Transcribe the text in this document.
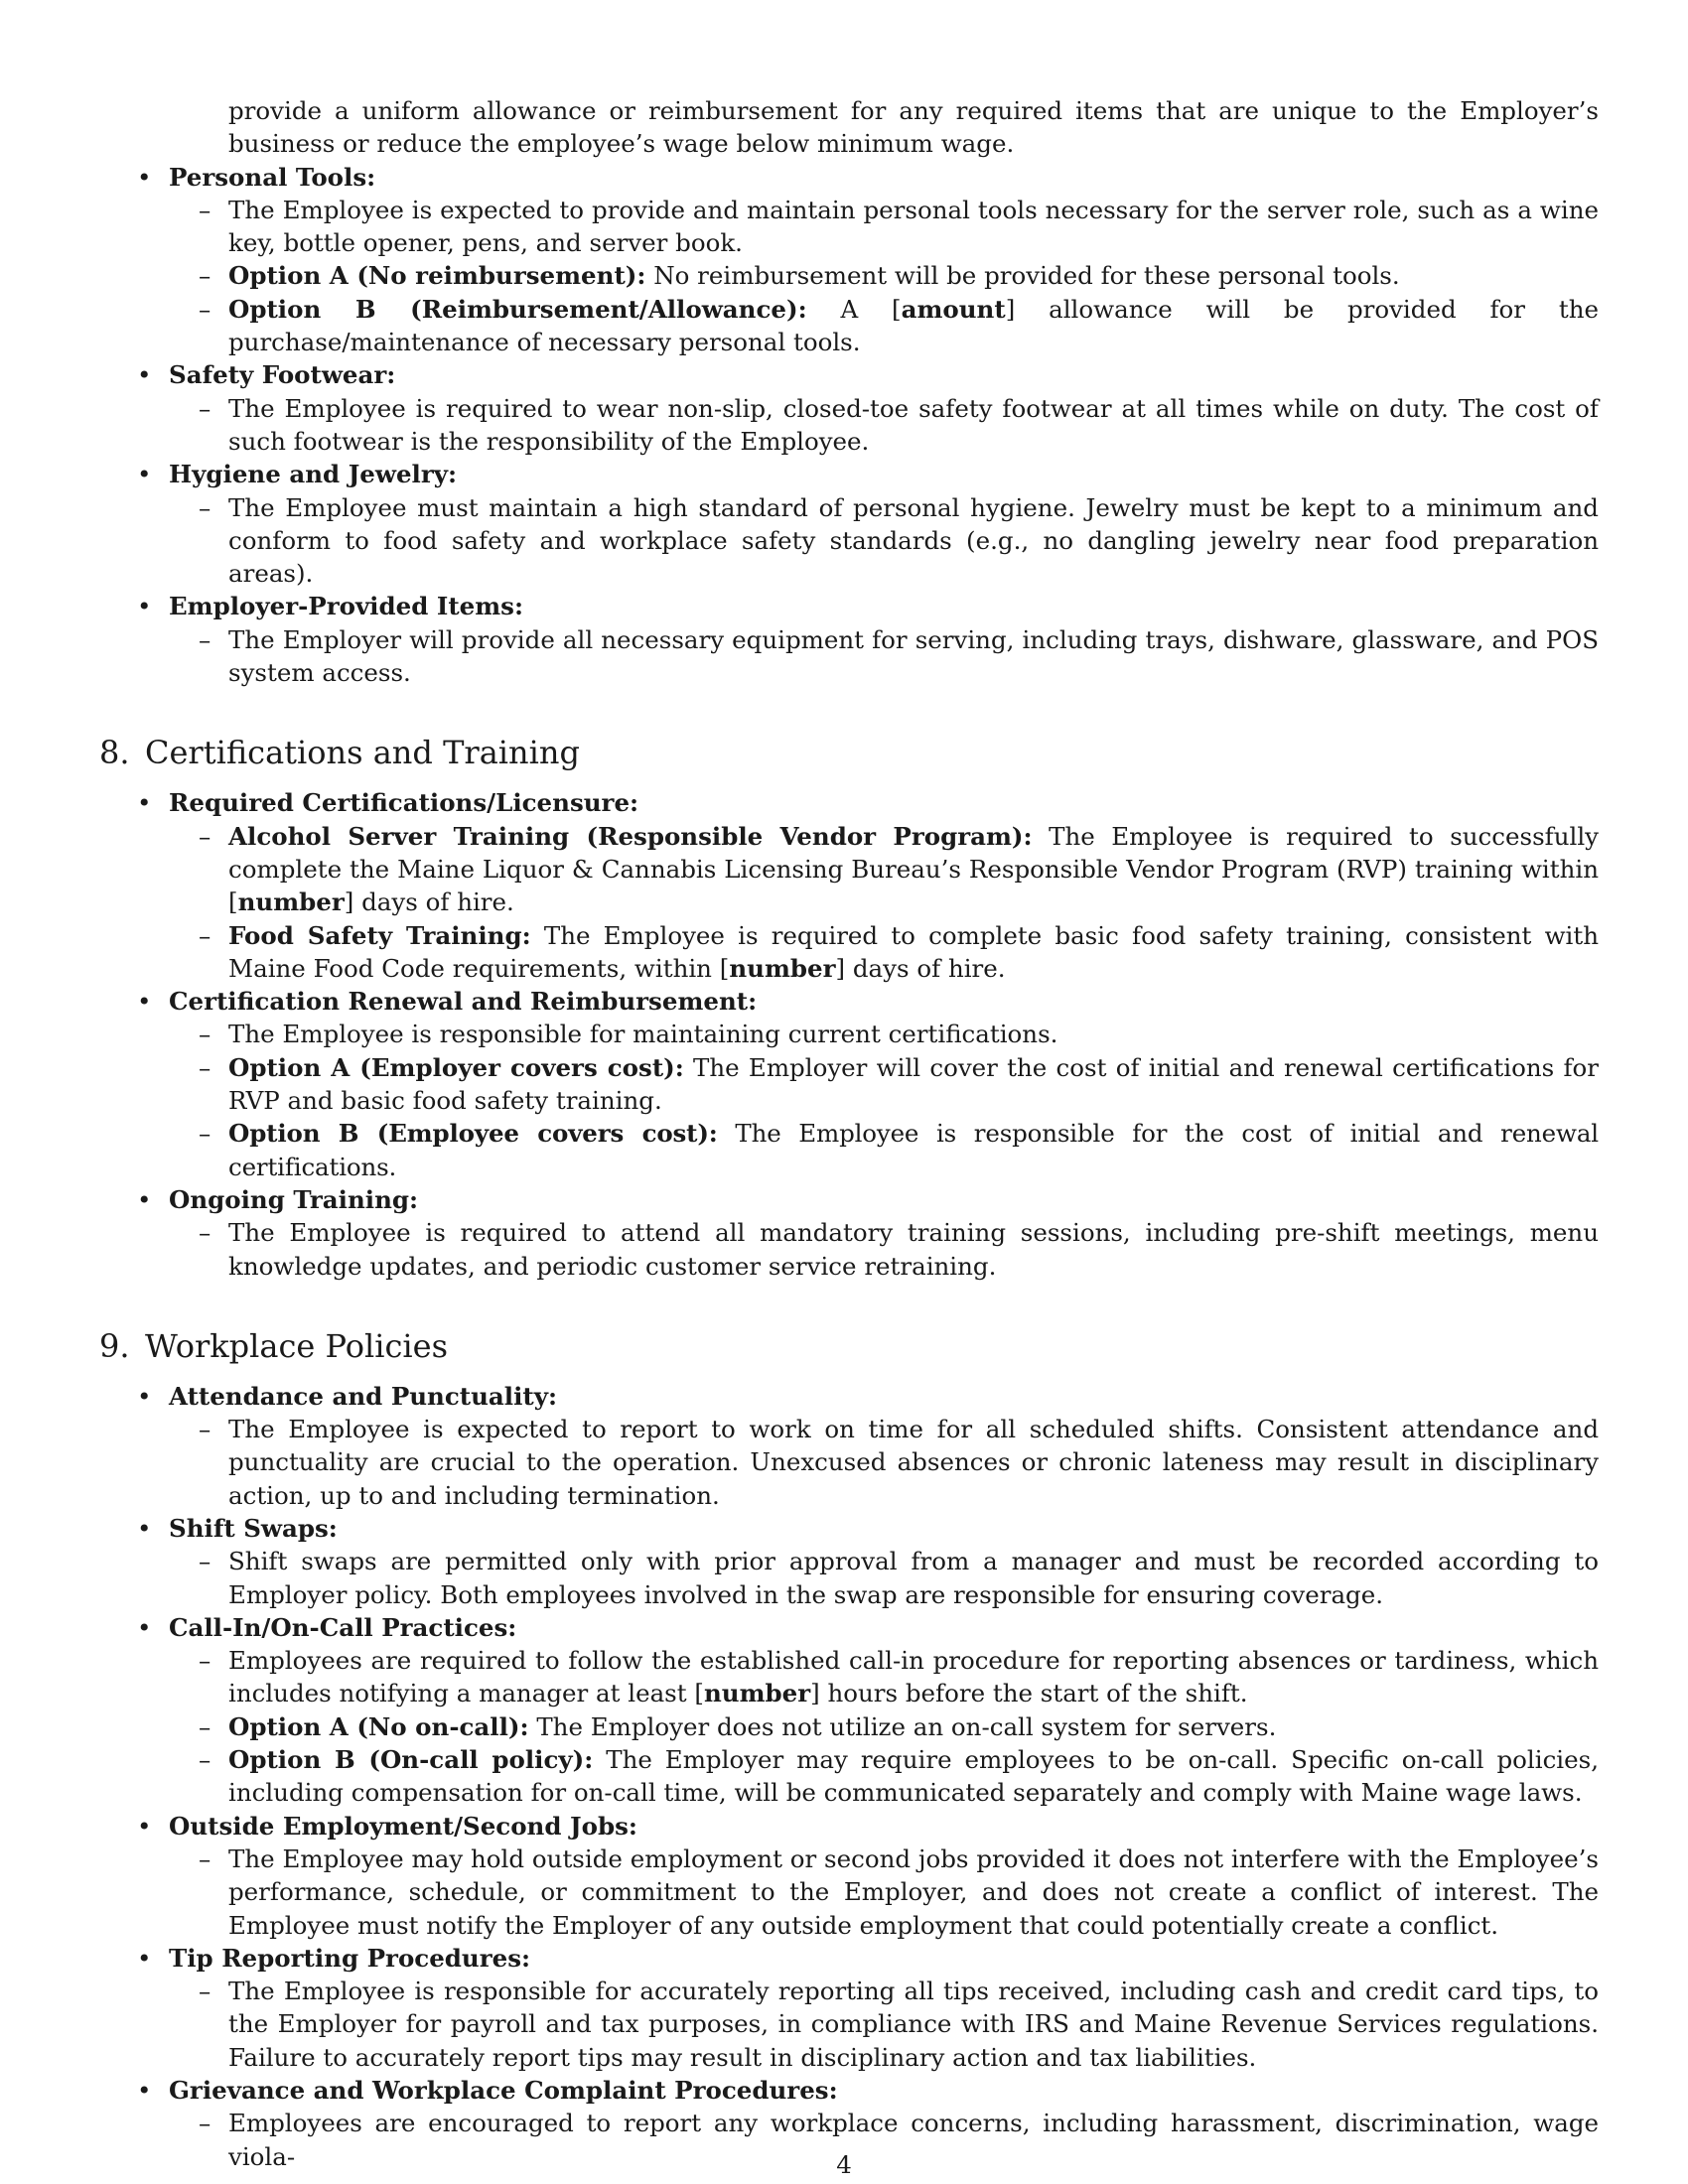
provide a uniform allowance or reimbursement for any required items that are unique to the Employer’s business or reduce the employee’s wage below minimum wage.
• Personal Tools:
– The Employee is expected to provide and maintain personal tools necessary for the server role, such as a wine key, bottle opener, pens, and server book.
– Option A (No reimbursement): No reimbursement will be provided for these personal tools.
– Option B (Reimbursement/Allowance): A [amount] allowance will be provided for the purchase/maintenance of necessary personal tools.
• Safety Footwear:
– The Employee is required to wear non-slip, closed-toe safety footwear at all times while on duty. The cost of such footwear is the responsibility of the Employee.
• Hygiene and Jewelry:
– The Employee must maintain a high standard of personal hygiene. Jewelry must be kept to a minimum and conform to food safety and workplace safety standards (e.g., no dangling jewelry near food preparation areas).
• Employer-Provided Items:
– The Employer will provide all necessary equipment for serving, including trays, dishware, glassware, and POS system access.
8. Certifications and Training
• Required Certifications/Licensure:
– Alcohol Server Training (Responsible Vendor Program): The Employee is required to successfully complete the Maine Liquor & Cannabis Licensing Bureau’s Responsible Vendor Program (RVP) training within [number] days of hire.
– Food Safety Training: The Employee is required to complete basic food safety training, consistent with Maine Food Code requirements, within [number] days of hire.
• Certification Renewal and Reimbursement:
– The Employee is responsible for maintaining current certifications.
– Option A (Employer covers cost): The Employer will cover the cost of initial and renewal certifications for RVP and basic food safety training.
– Option B (Employee covers cost): The Employee is responsible for the cost of initial and renewal certifications.
• Ongoing Training:
– The Employee is required to attend all mandatory training sessions, including pre-shift meetings, menu knowledge updates, and periodic customer service retraining.
9. Workplace Policies
• Attendance and Punctuality:
– The Employee is expected to report to work on time for all scheduled shifts. Consistent attendance and punctuality are crucial to the operation. Unexcused absences or chronic lateness may result in disciplinary action, up to and including termination.
• Shift Swaps:
– Shift swaps are permitted only with prior approval from a manager and must be recorded according to Employer policy. Both employees involved in the swap are responsible for ensuring coverage.
• Call-In/On-Call Practices:
– Employees are required to follow the established call-in procedure for reporting absences or tardiness, which includes notifying a manager at least [number] hours before the start of the shift.
– Option A (No on-call): The Employer does not utilize an on-call system for servers.
– Option B (On-call policy): The Employer may require employees to be on-call. Specific on-call policies, including compensation for on-call time, will be communicated separately and comply with Maine wage laws.
• Outside Employment/Second Jobs:
– The Employee may hold outside employment or second jobs provided it does not interfere with the Employee’s performance, schedule, or commitment to the Employer, and does not create a conflict of interest. The Employee must notify the Employer of any outside employment that could potentially create a conflict.
• Tip Reporting Procedures:
– The Employee is responsible for accurately reporting all tips received, including cash and credit card tips, to the Employer for payroll and tax purposes, in compliance with IRS and Maine Revenue Services regulations. Failure to accurately report tips may result in disciplinary action and tax liabilities.
• Grievance and Workplace Complaint Procedures:
– Employees are encouraged to report any workplace concerns, including harassment, discrimination, wage viola-	4
